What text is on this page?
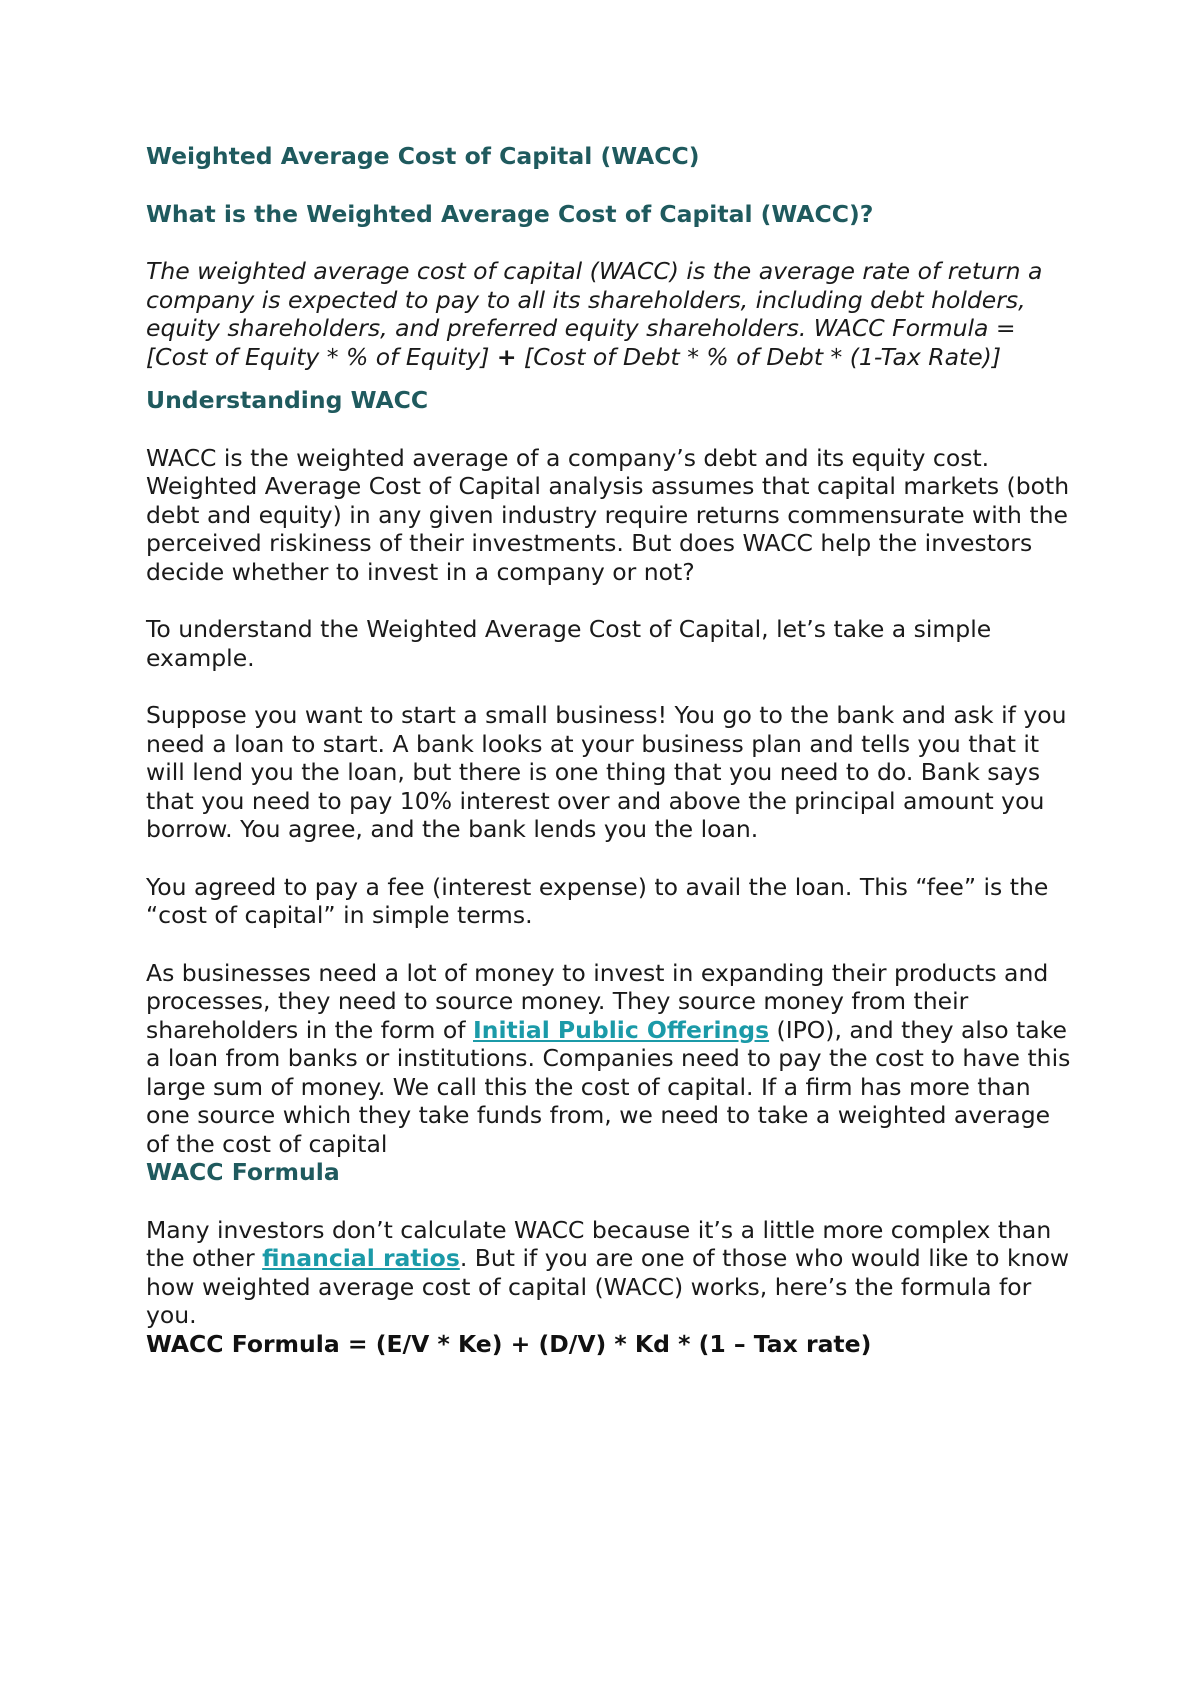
Weighted Average Cost of Capital (WACC)

What is the Weighted Average Cost of Capital (WACC)?

The weighted average cost of capital (WACC) is the average rate of return a company is expected to pay to all its shareholders, including debt holders, equity shareholders, and preferred equity shareholders. WACC Formula = [Cost of Equity * % of Equity] + [Cost of Debt * % of Debt * (1-Tax Rate)]

Understanding WACC

WACC is the weighted average of a company’s debt and its equity cost. Weighted Average Cost of Capital analysis assumes that capital markets (both debt and equity) in any given industry require returns commensurate with the perceived riskiness of their investments. But does WACC help the investors decide whether to invest in a company or not?

To understand the Weighted Average Cost of Capital, let’s take a simple example.

Suppose you want to start a small business! You go to the bank and ask if you need a loan to start. A bank looks at your business plan and tells you that it will lend you the loan, but there is one thing that you need to do. Bank says that you need to pay 10% interest over and above the principal amount you borrow. You agree, and the bank lends you the loan.

You agreed to pay a fee (interest expense) to avail the loan. This “fee” is the “cost of capital” in simple terms.

As businesses need a lot of money to invest in expanding their products and processes, they need to source money. They source money from their shareholders in the form of Initial Public Offerings (IPO), and they also take a loan from banks or institutions. Companies need to pay the cost to have this large sum of money. We call this the cost of capital. If a firm has more than one source which they take funds from, we need to take a weighted average of the cost of capital

WACC Formula

Many investors don’t calculate WACC because it’s a little more complex than the other financial ratios. But if you are one of those who would like to know how weighted average cost of capital (WACC) works, here’s the formula for you.

WACC Formula = (E/V * Ke) + (D/V) * Kd * (1 – Tax rate)
